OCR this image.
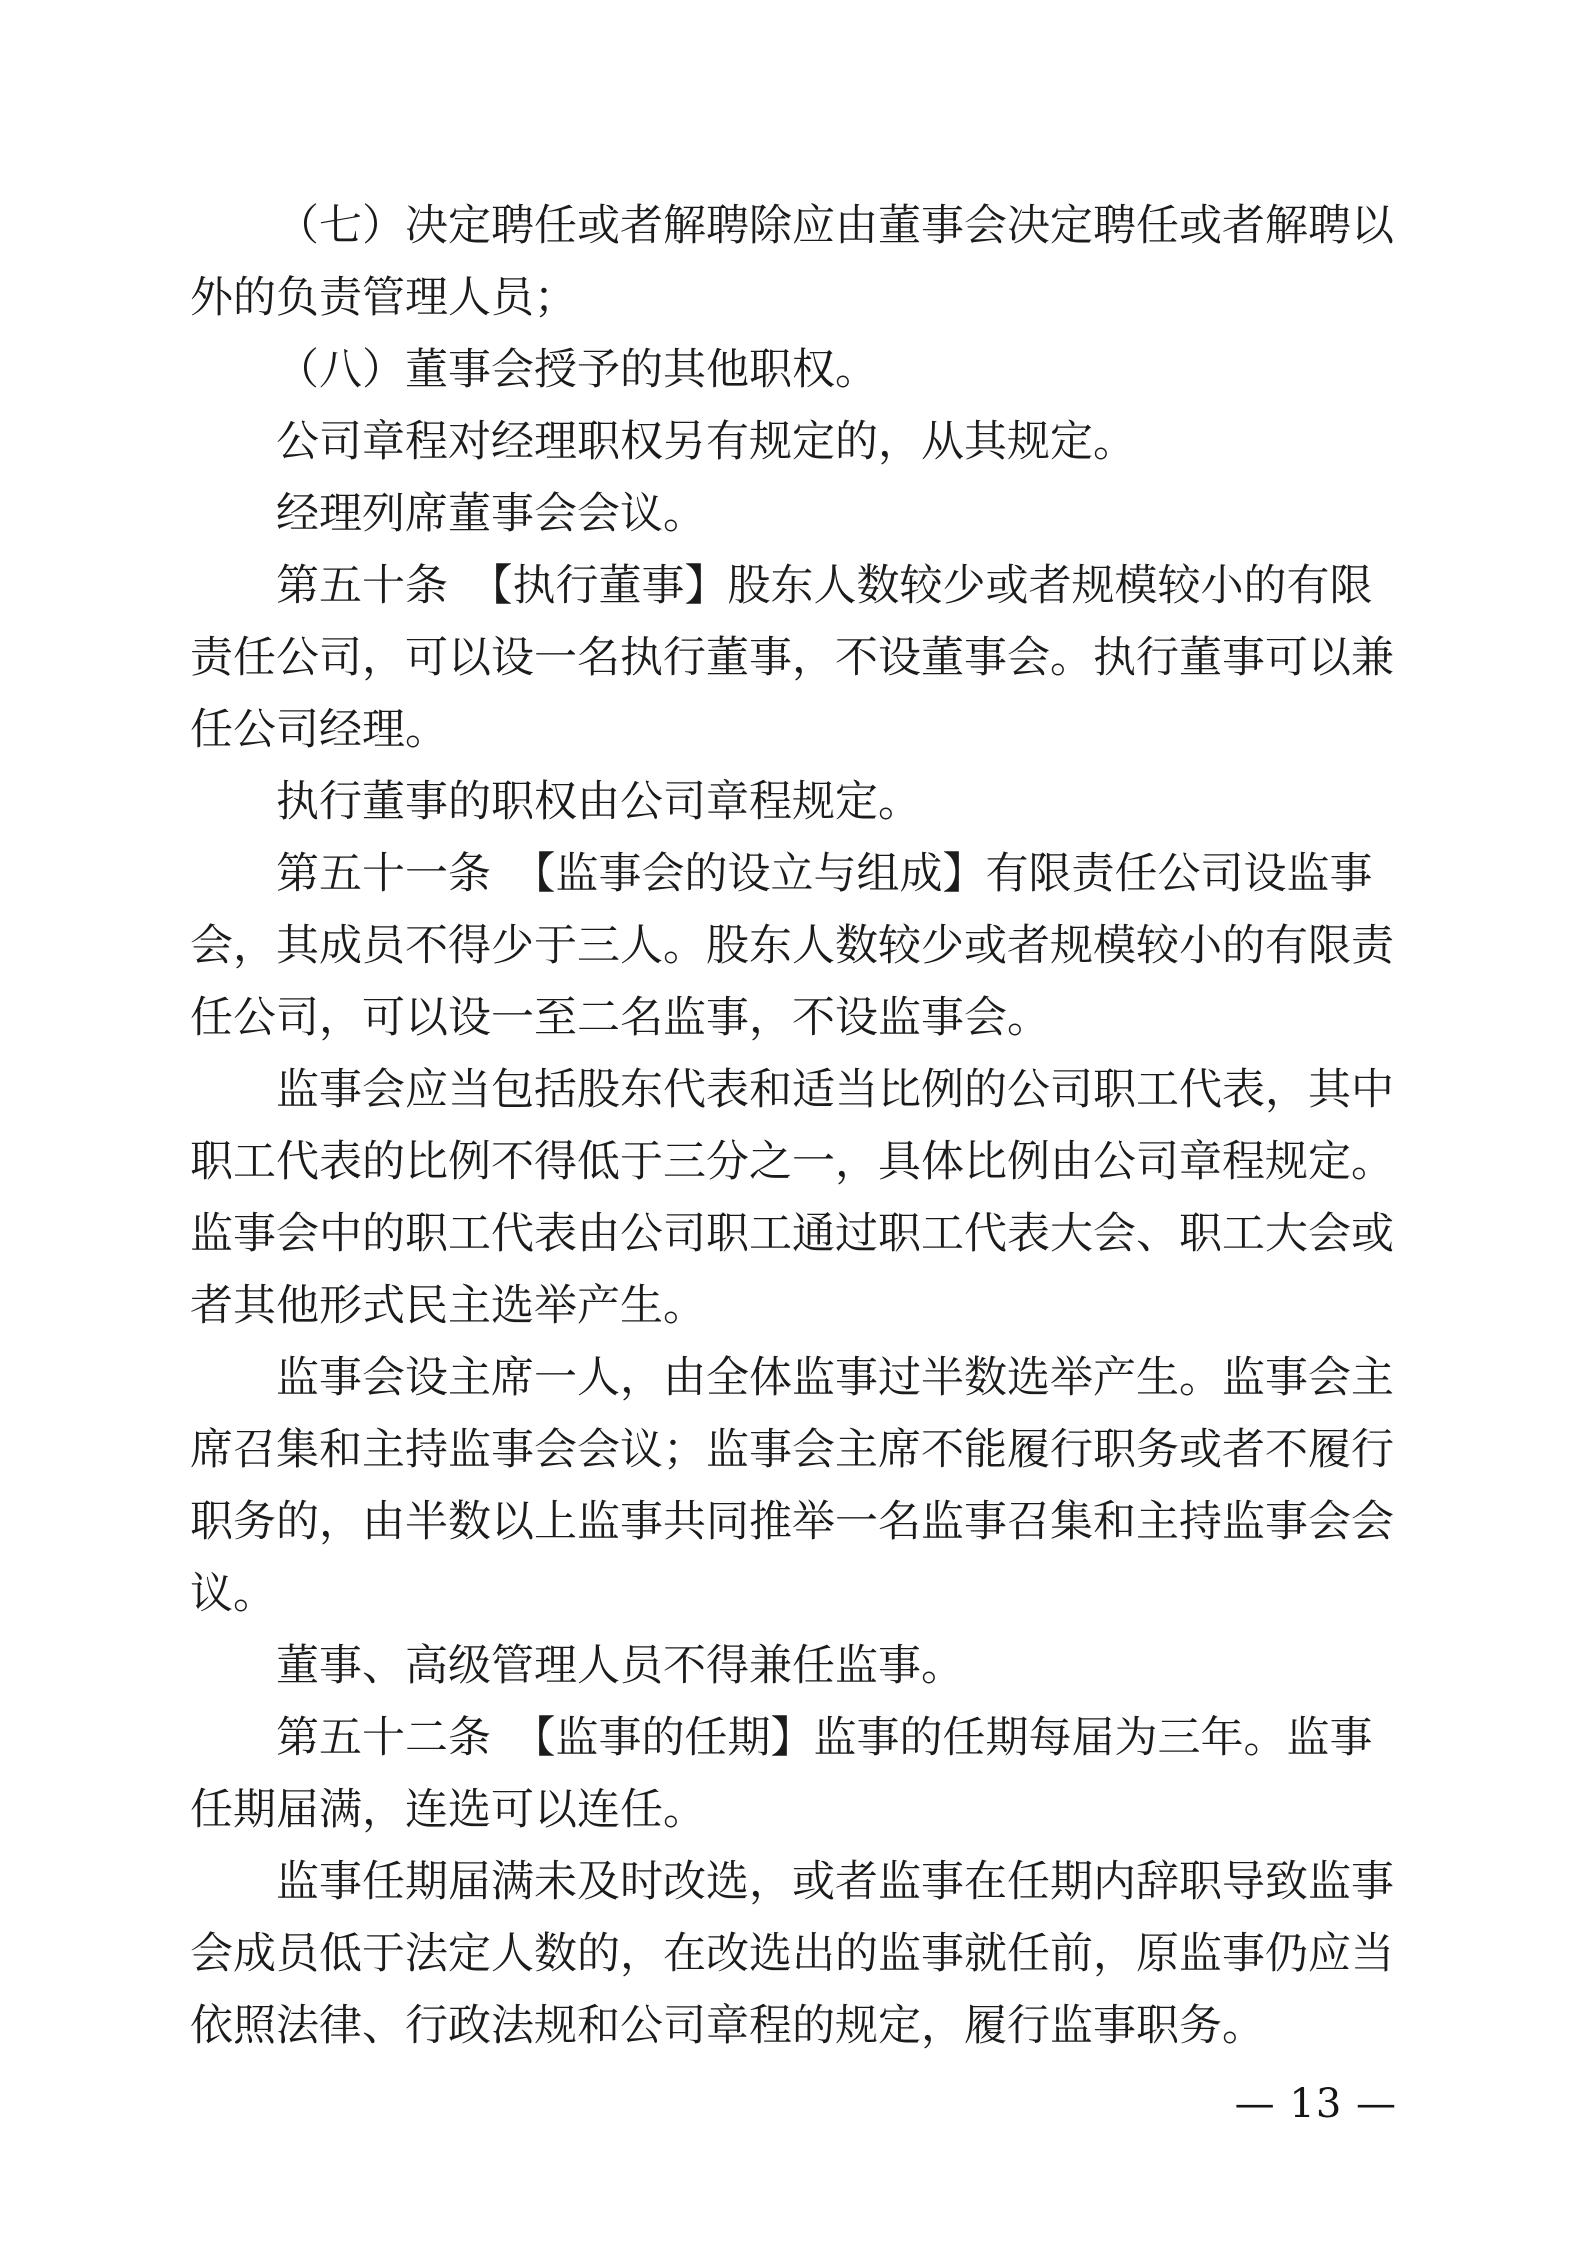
（七）决定聘任或者解聘除应由董事会决定聘任或者解聘以
外的负责管理人员；
（八）董事会授予的其他职权。
公司章程对经理职权另有规定的，从其规定。
经理列席董事会会议。
第五十条　【执行董事】股东人数较少或者规模较小的有限
责任公司，可以设一名执行董事，不设董事会。执行董事可以兼
任公司经理。
执行董事的职权由公司章程规定。
第五十一条　【监事会的设立与组成】有限责任公司设监事
会，其成员不得少于三人。股东人数较少或者规模较小的有限责
任公司，可以设一至二名监事，不设监事会。
监事会应当包括股东代表和适当比例的公司职工代表，其中
职工代表的比例不得低于三分之一，具体比例由公司章程规定。
监事会中的职工代表由公司职工通过职工代表大会、职工大会或
者其他形式民主选举产生。
监事会设主席一人，由全体监事过半数选举产生。监事会主
席召集和主持监事会会议；监事会主席不能履行职务或者不履行
职务的，由半数以上监事共同推举一名监事召集和主持监事会会
议。
董事、高级管理人员不得兼任监事。
第五十二条　【监事的任期】监事的任期每届为三年。监事
任期届满，连选可以连任。
监事任期届满未及时改选，或者监事在任期内辞职导致监事
会成员低于法定人数的，在改选出的监事就任前，原监事仍应当
依照法律、行政法规和公司章程的规定，履行监事职务。
— 13 —
